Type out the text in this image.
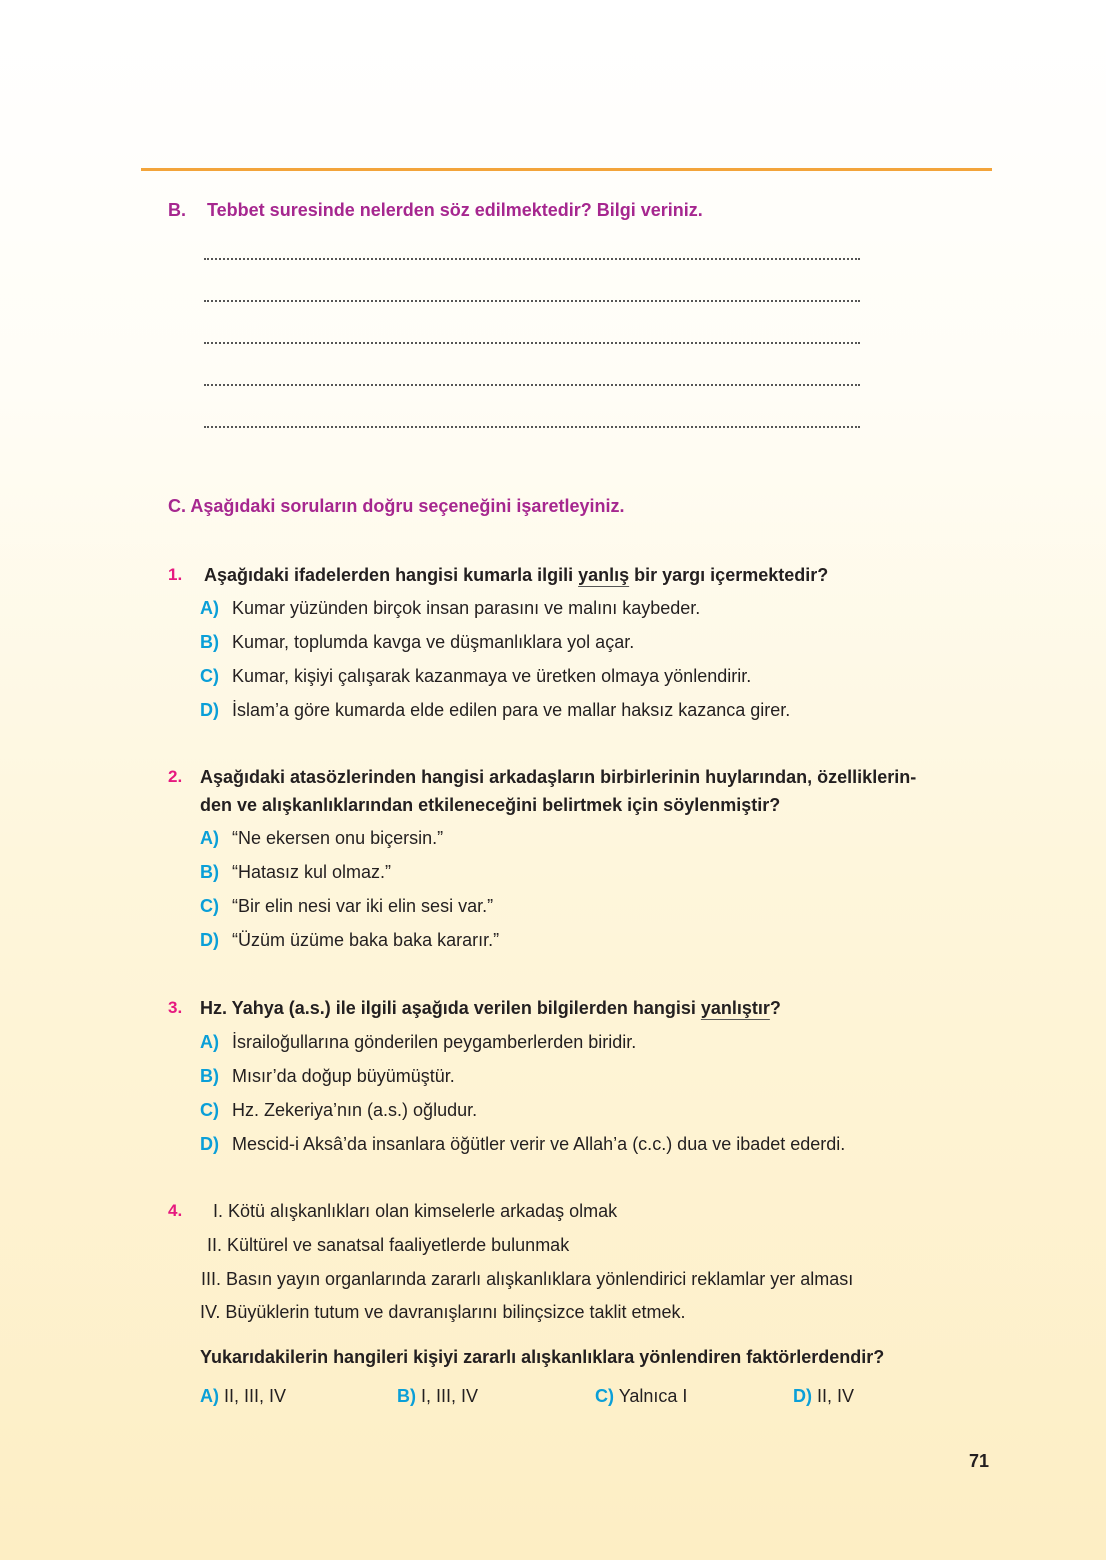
B. Tebbet suresinde nelerden söz edilmektedir? Bilgi veriniz.
C. Aşağıdaki soruların doğru seçeneğini işaretleyiniz.
1. Aşağıdaki ifadelerden hangisi kumarla ilgili yanlış bir yargı içermektedir?
A) Kumar yüzünden birçok insan parasını ve malını kaybeder.
B) Kumar, toplumda kavga ve düşmanlıklara yol açar.
C) Kumar, kişiyi çalışarak kazanmaya ve üretken olmaya yönlendirir.
D) İslam’a göre kumarda elde edilen para ve mallar haksız kazanca girer.
2. Aşağıdaki atasözlerinden hangisi arkadaşların birbirlerinin huylarından, özelliklerin-
den ve alışkanlıklarından etkileneceğini belirtmek için söylenmiştir?
A) “Ne ekersen onu biçersin.”
B) “Hatasız kul olmaz.”
C) “Bir elin nesi var iki elin sesi var.”
D) “Üzüm üzüme baka baka kararır.”
3. Hz. Yahya (a.s.) ile ilgili aşağıda verilen bilgilerden hangisi yanlıştır?
A) İsrailoğullarına gönderilen peygamberlerden biridir.
B) Mısır’da doğup büyümüştür.
C) Hz. Zekeriya’nın (a.s.) oğludur.
D) Mescid-i Aksâ’da insanlara öğütler verir ve Allah’a (c.c.) dua ve ibadet ederdi.
4. I. Kötü alışkanlıkları olan kimselerle arkadaş olmak
II. Kültürel ve sanatsal faaliyetlerde bulunmak
III. Basın yayın organlarında zararlı alışkanlıklara yönlendirici reklamlar yer alması
IV. Büyüklerin tutum ve davranışlarını bilinçsizce taklit etmek.
Yukarıdakilerin hangileri kişiyi zararlı alışkanlıklara yönlendiren faktörlerdendir?
A) II, III, IV	B) I, III, IV	C) Yalnıca I	D) II, IV
71
